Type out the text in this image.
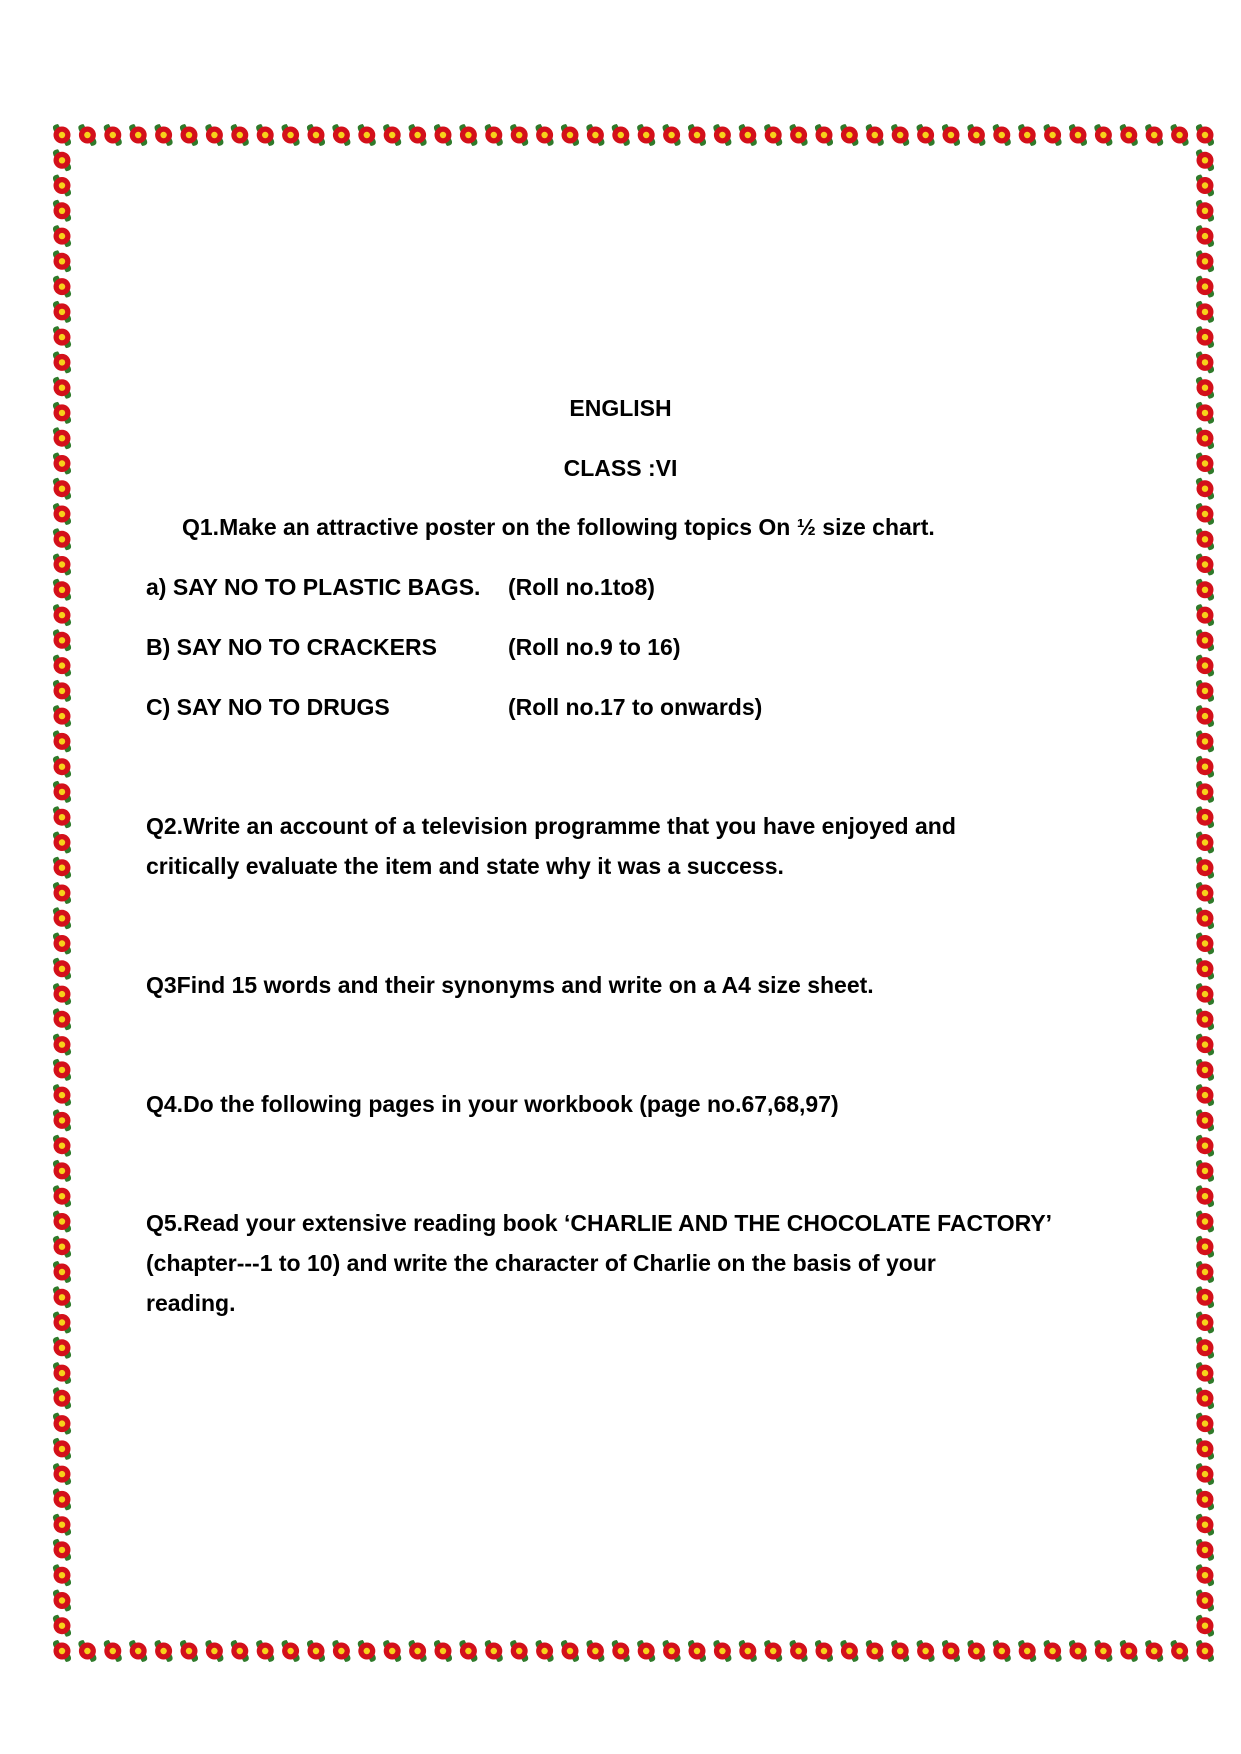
ENGLISH
CLASS :VI
Q1.Make an attractive poster on the following topics On ½ size chart.
a) SAY NO TO PLASTIC BAGS. (Roll no.1to8)
B) SAY NO TO CRACKERS	(Roll no.9 to 16)
C) SAY NO TO DRUGS	(Roll no.17 to onwards)
Q2.Write an account of a television programme that you have enjoyed and
critically evaluate the item and state why it was a success.
Q3Find 15 words and their synonyms and write on a A4 size sheet.
Q4.Do the following pages in your workbook (page no.67,68,97)
Q5.Read your extensive reading book ‘CHARLIE AND THE CHOCOLATE FACTORY’
(chapter---1 to 10) and write the character of Charlie on the basis of your
reading.
